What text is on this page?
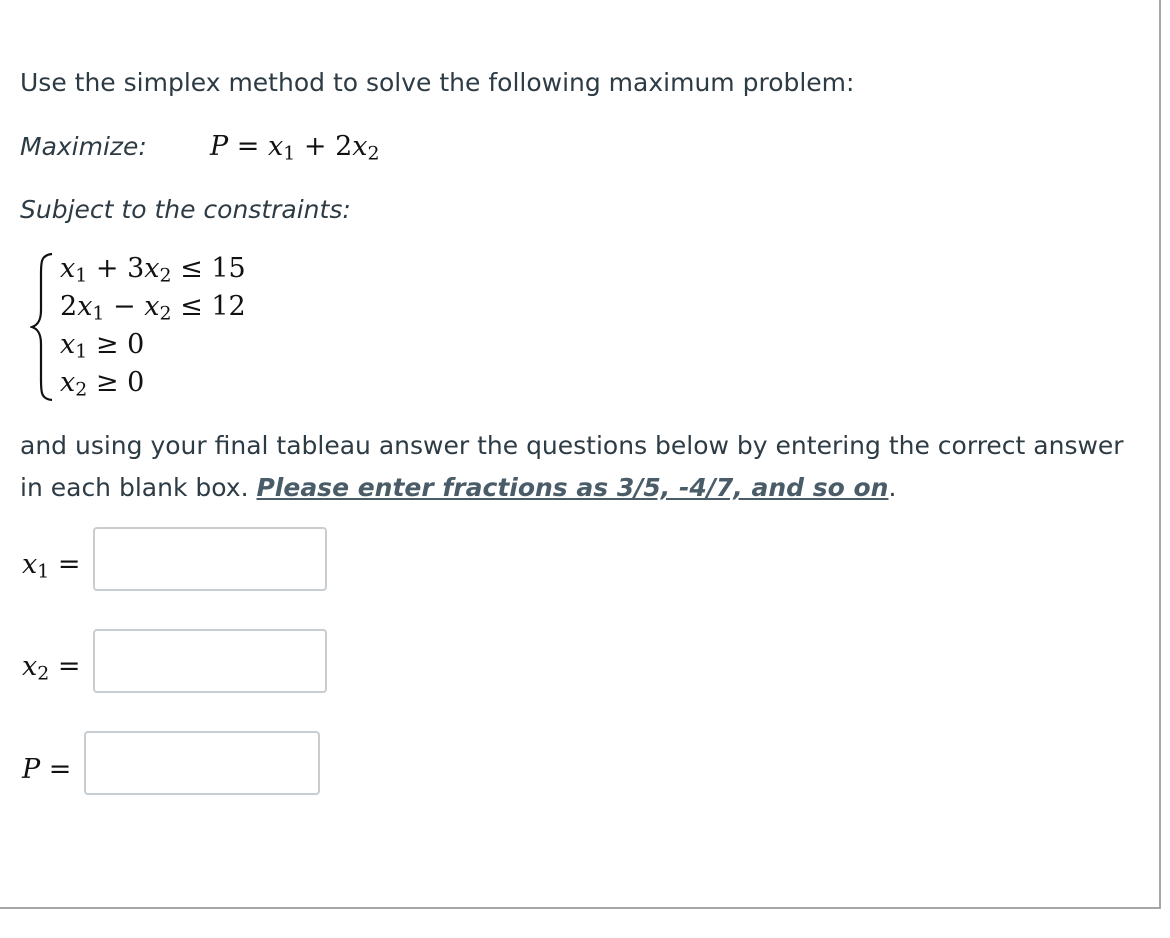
Use the simplex method to solve the following maximum problem:
Maximize: $P = x_1 + 2x_2$
Subject to the constraints:
$x_1 + 3x_2 \le 15$
$2x_1 - x_2 \le 12$
$x_1 \ge 0$
$x_2 \ge 0$
and using your final tableau answer the questions below by entering the correct answer in each blank box. Please enter fractions as 3/5, -4/7, and so on.
$x_1$ =
$x_2$ =
P =
